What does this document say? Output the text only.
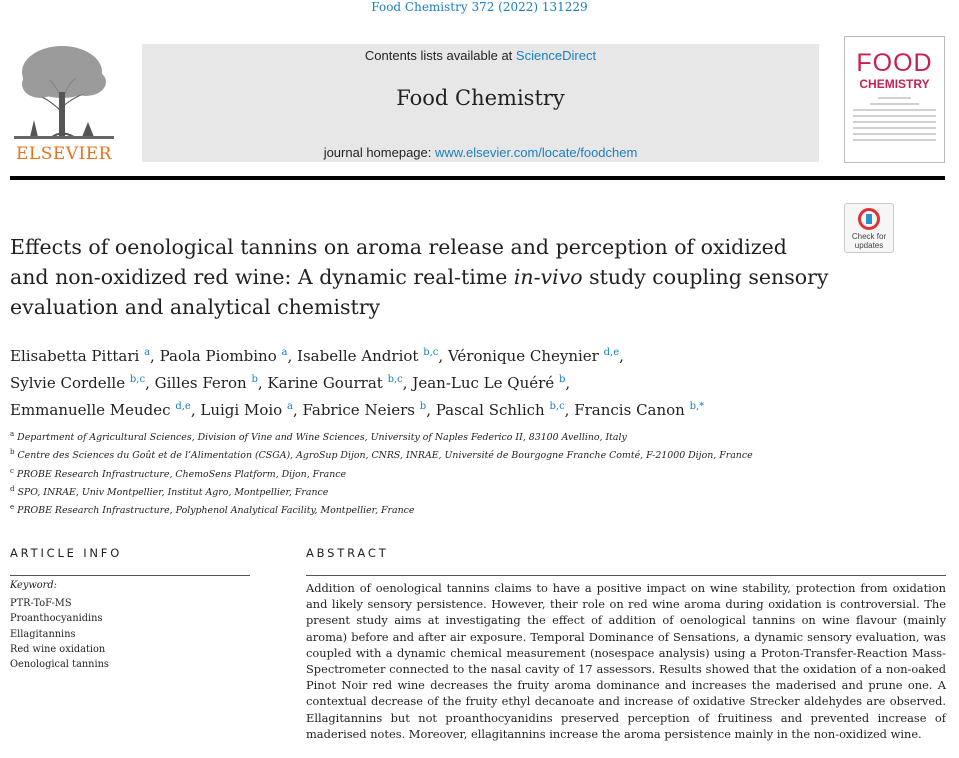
Food Chemistry 372 (2022) 131229
ELSEVIER
Contents lists available at ScienceDirect
Food Chemistry
journal homepage: www.elsevier.com/locate/foodchem
FOOD
CHEMISTRY
Check for
updates
Effects of oenological tannins on aroma release and perception of oxidized and non-oxidized red wine: A dynamic real-time in-vivo study coupling sensory evaluation and analytical chemistry
Elisabetta Pittari $^a$, Paola Piombino $^a$, Isabelle Andriot $^{b,c}$, Véronique Cheynier $^{d,e}$,
Sylvie Cordelle $^{b,c}$, Gilles Feron $^b$, Karine Gourrat $^{b,c}$, Jean-Luc Le Quéré $^b$,
Emmanuelle Meudec $^{d,e}$, Luigi Moio $^a$, Fabrice Neiers $^b$, Pascal Schlich $^{b,c}$, Francis Canon $^{b,*}$
$^a$ Department of Agricultural Sciences, Division of Vine and Wine Sciences, University of Naples Federico II, 83100 Avellino, Italy
$^b$ Centre des Sciences du Goût et de l’Alimentation (CSGA), AgroSup Dijon, CNRS, INRAE, Université de Bourgogne Franche Comté, F-21000 Dijon, France
$^c$ PROBE Research Infrastructure, ChemoSens Platform, Dijon, France
$^d$ SPO, INRAE, Univ Montpellier, Institut Agro, Montpellier, France
$^e$ PROBE Research Infrastructure, Polyphenol Analytical Facility, Montpellier, France
ARTICLE INFO
Keyword:
PTR-ToF-MS
Proanthocyanidins
Ellagitannins
Red wine oxidation
Oenological tannins
ABSTRACT

Addition of oenological tannins claims to have a positive impact on wine stability, protection from oxidation and likely sensory persistence. However, their role on red wine aroma during oxidation is controversial. The present study aims at investigating the effect of addition of oenological tannins on wine flavour (mainly aroma) before and after air exposure. Temporal Dominance of Sensations, a dynamic sensory evaluation, was coupled with a dynamic chemical measurement (nosespace analysis) using a Proton-Transfer-Reaction Mass-Spectrometer connected to the nasal cavity of 17 assessors. Results showed that the oxidation of a non-oaked Pinot Noir red wine decreases the fruity aroma dominance and increases the maderised and prune one. A contextual decrease of the fruity ethyl decanoate and increase of oxidative Strecker aldehydes are observed. Ellagitannins but not proanthocyanidins preserved perception of fruitiness and prevented increase of maderised notes. Moreover, ellagitannins increase the aroma persistence mainly in the non-oxidized wine.
